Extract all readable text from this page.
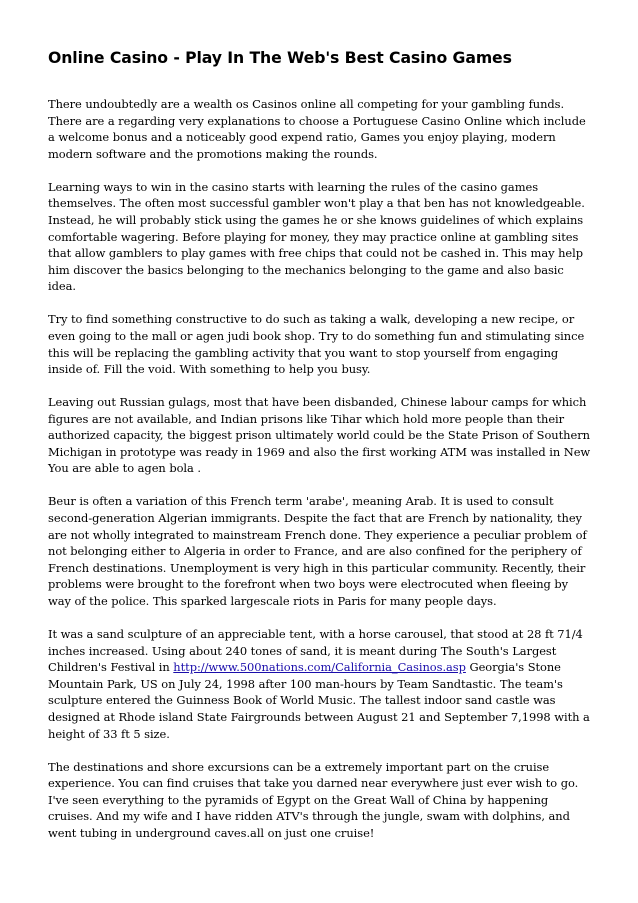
Online Casino - Play In The Web's Best Casino Games

There undoubtedly are a wealth os Casinos online all competing for your gambling funds. There are a regarding very explanations to choose a Portuguese Casino Online which include a welcome bonus and a noticeably good expend ratio, Games you enjoy playing, modern modern software and the promotions making the rounds.

Learning ways to win in the casino starts with learning the rules of the casino games themselves. The often most successful gambler won't play a that ben has not knowledgeable. Instead, he will probably stick using the games he or she knows guidelines of which explains comfortable wagering. Before playing for money, they may practice online at gambling sites that allow gamblers to play games with free chips that could not be cashed in. This may help him discover the basics belonging to the mechanics belonging to the game and also basic idea.

Try to find something constructive to do such as taking a walk, developing a new recipe, or even going to the mall or agen judi book shop. Try to do something fun and stimulating since this will be replacing the gambling activity that you want to stop yourself from engaging inside of. Fill the void. With something to help you busy.

Leaving out Russian gulags, most that have been disbanded, Chinese labour camps for which figures are not available, and Indian prisons like Tihar which hold more people than their authorized capacity, the biggest prison ultimately world could be the State Prison of Southern Michigan in prototype was ready in 1969 and also the first working ATM was installed in New You are able to agen bola .

Beur is often a variation of this French term 'arabe', meaning Arab. It is used to consult second-generation Algerian immigrants. Despite the fact that are French by nationality, they are not wholly integrated to mainstream French done. They experience a peculiar problem of not belonging either to Algeria in order to France, and are also confined for the periphery of French destinations. Unemployment is very high in this particular community. Recently, their problems were brought to the forefront when two boys were electrocuted when fleeing by way of the police. This sparked largescale riots in Paris for many people days.

It was a sand sculpture of an appreciable tent, with a horse carousel, that stood at 28 ft 71/4 inches increased. Using about 240 tones of sand, it is meant during The South's Largest Children's Festival in http://www.500nations.com/California_Casinos.asp Georgia's Stone Mountain Park, US on July 24, 1998 after 100 man-hours by Team Sandtastic. The team's sculpture entered the Guinness Book of World Music. The tallest indoor sand castle was designed at Rhode island State Fairgrounds between August 21 and September 7,1998 with a height of 33 ft 5 size.

The destinations and shore excursions can be a extremely important part on the cruise experience. You can find cruises that take you darned near everywhere just ever wish to go. I've seen everything to the pyramids of Egypt on the Great Wall of China by happening cruises. And my wife and I have ridden ATV's through the jungle, swam with dolphins, and went tubing in underground caves.all on just one cruise!
